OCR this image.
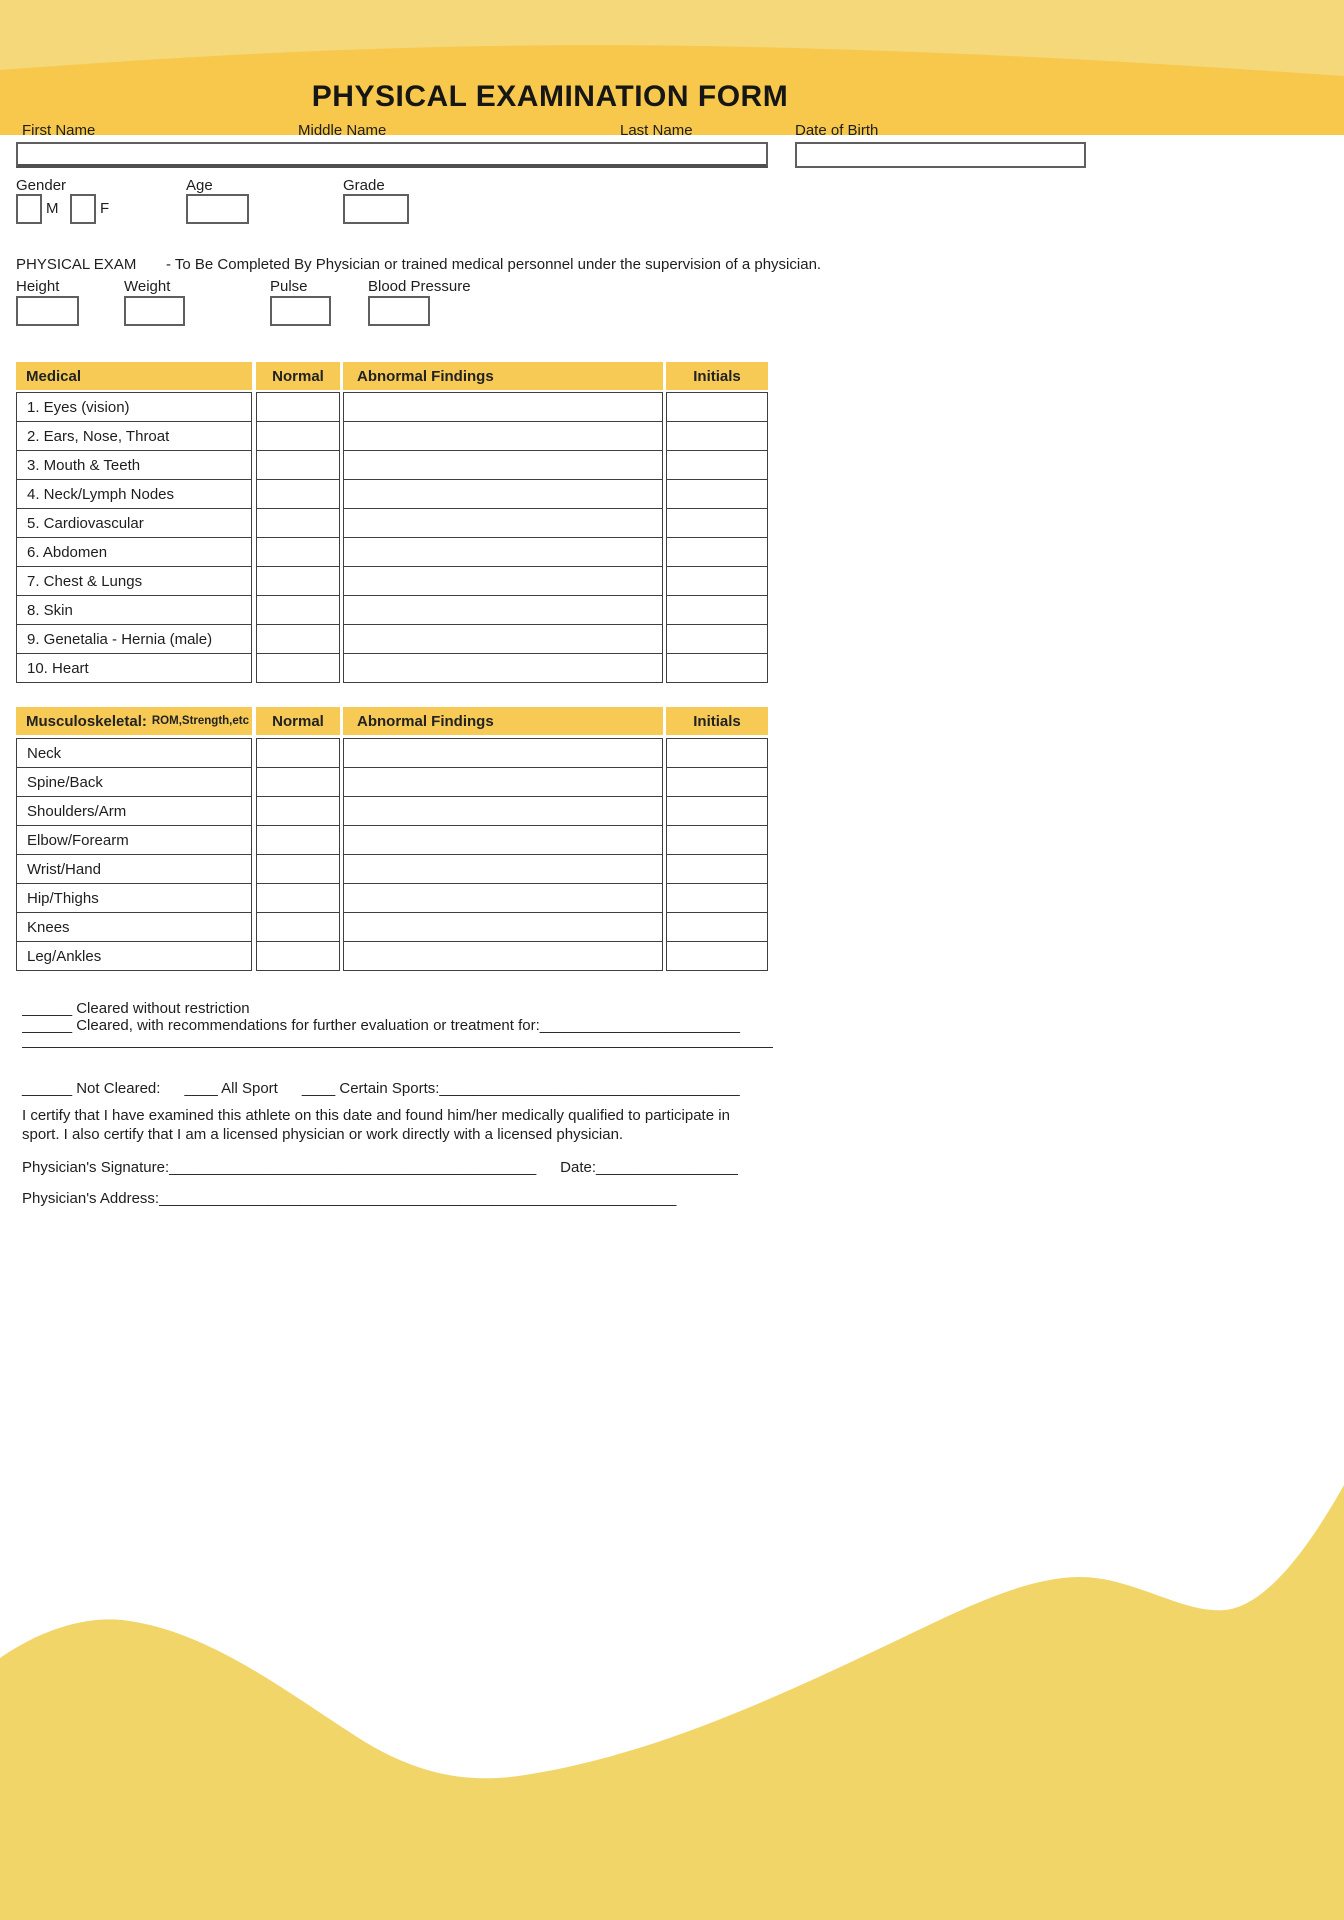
PHYSICAL EXAMINATION FORM
First Name	Middle Name	Last Name	Date of Birth
Gender
M	F
Age	Grade
PHYSICAL EXAM - To Be Completed By Physician or trained medical personnel under the supervision of a physician.
Height	Weight	Pulse	Blood Pressure
Medical	Normal	Abnormal Findings	Initials
1. Eyes (vision)
2. Ears, Nose, Throat
3. Mouth & Teeth
4. Neck/Lymph Nodes
5. Cardiovascular
6. Abdomen
7. Chest & Lungs
8. Skin
9. Genetalia - Hernia (male)
10. Heart
Musculoskeletal: ROM,Strength,etc	Normal	Abnormal Findings	Initials
Neck
Spine/Back
Shoulders/Arm
Elbow/Forearm
Wrist/Hand
Hip/Thighs
Knees
Leg/Ankles
______ Cleared without restriction
______ Cleared, with recommendations for further evaluation or treatment for:________________________
__________________________________________________________________________________________
______ Not Cleared: ____ All Sport ____ Certain Sports:____________________________________
I certify that I have examined this athlete on this date and found him/her medically qualified to participate in sport. I also certify that I am a licensed physician or work directly with a licensed physician.
Physician's Signature:____________________________________________ Date:_________________
Physician's Address:______________________________________________________________
